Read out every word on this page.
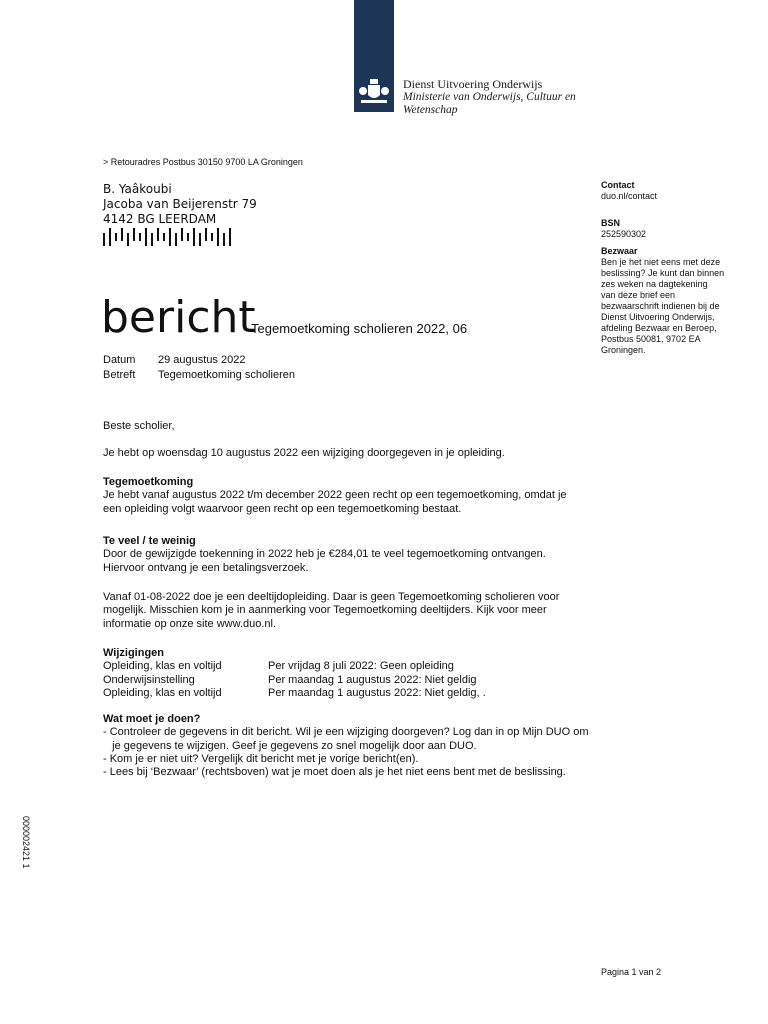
Dienst Uitvoering Onderwijs
Ministerie van Onderwijs, Cultuur en
Wetenschap
> Retouradres Postbus 30150 9700 LA Groningen
B. Yaâkoubi
Jacoba van Beijerenstr 79
4142 BG LEERDAM
Contact
duo.nl/contact
BSN
252590302
Bezwaar
Ben je het niet eens met deze
beslissing? Je kunt dan binnen
zes weken na dagtekening
van deze brief een
bezwaarschrift indienen bij de
Dienst Uitvoering Onderwijs,
afdeling Bezwaar en Beroep,
Postbus 50081, 9702 EA
Groningen.
bericht
Tegemoetkoming scholieren 2022, 06
Datum	29 augustus 2022
Betreft	Tegemoetkoming scholieren

Beste scholier,

Je hebt op woensdag 10 augustus 2022 een wijziging doorgegeven in je opleiding.

Tegemoetkoming

Je hebt vanaf augustus 2022 t/m december 2022 geen recht op een tegemoetkoming, omdat je een opleiding volgt waarvoor geen recht op een tegemoetkoming bestaat.

Te veel / te weinig

Door de gewijzigde toekenning in 2022 heb je €284,01 te veel tegemoetkoming ontvangen. Hiervoor ontvang je een betalingsverzoek.

Vanaf 01-08-2022 doe je een deeltijdopleiding. Daar is geen Tegemoetkoming scholieren voor mogelijk. Misschien kom je in aanmerking voor Tegemoetkoming deeltijders. Kijk voor meer informatie op onze site www.duo.nl.

Wijzigingen
Opleiding, klas en voltijd	Per vrijdag 8 juli 2022: Geen opleiding
Onderwijsinstelling	Per maandag 1 augustus 2022: Niet geldig
Opleiding, klas en voltijd	Per maandag 1 augustus 2022: Niet geldig, .
Wat moet je doen?
- Controleer de gegevens in dit bericht. Wil je een wijziging doorgeven? Log dan in op Mijn DUO om
je gegevens te wijzigen. Geef je gegevens zo snel mogelijk door aan DUO.
- Kom je er niet uit? Vergelijk dit bericht met je vorige bericht(en).
- Lees bij ‘Bezwaar’ (rechtsboven) wat je moet doen als je het niet eens bent met de beslissing.
000002421 1
Pagina 1 van 2
